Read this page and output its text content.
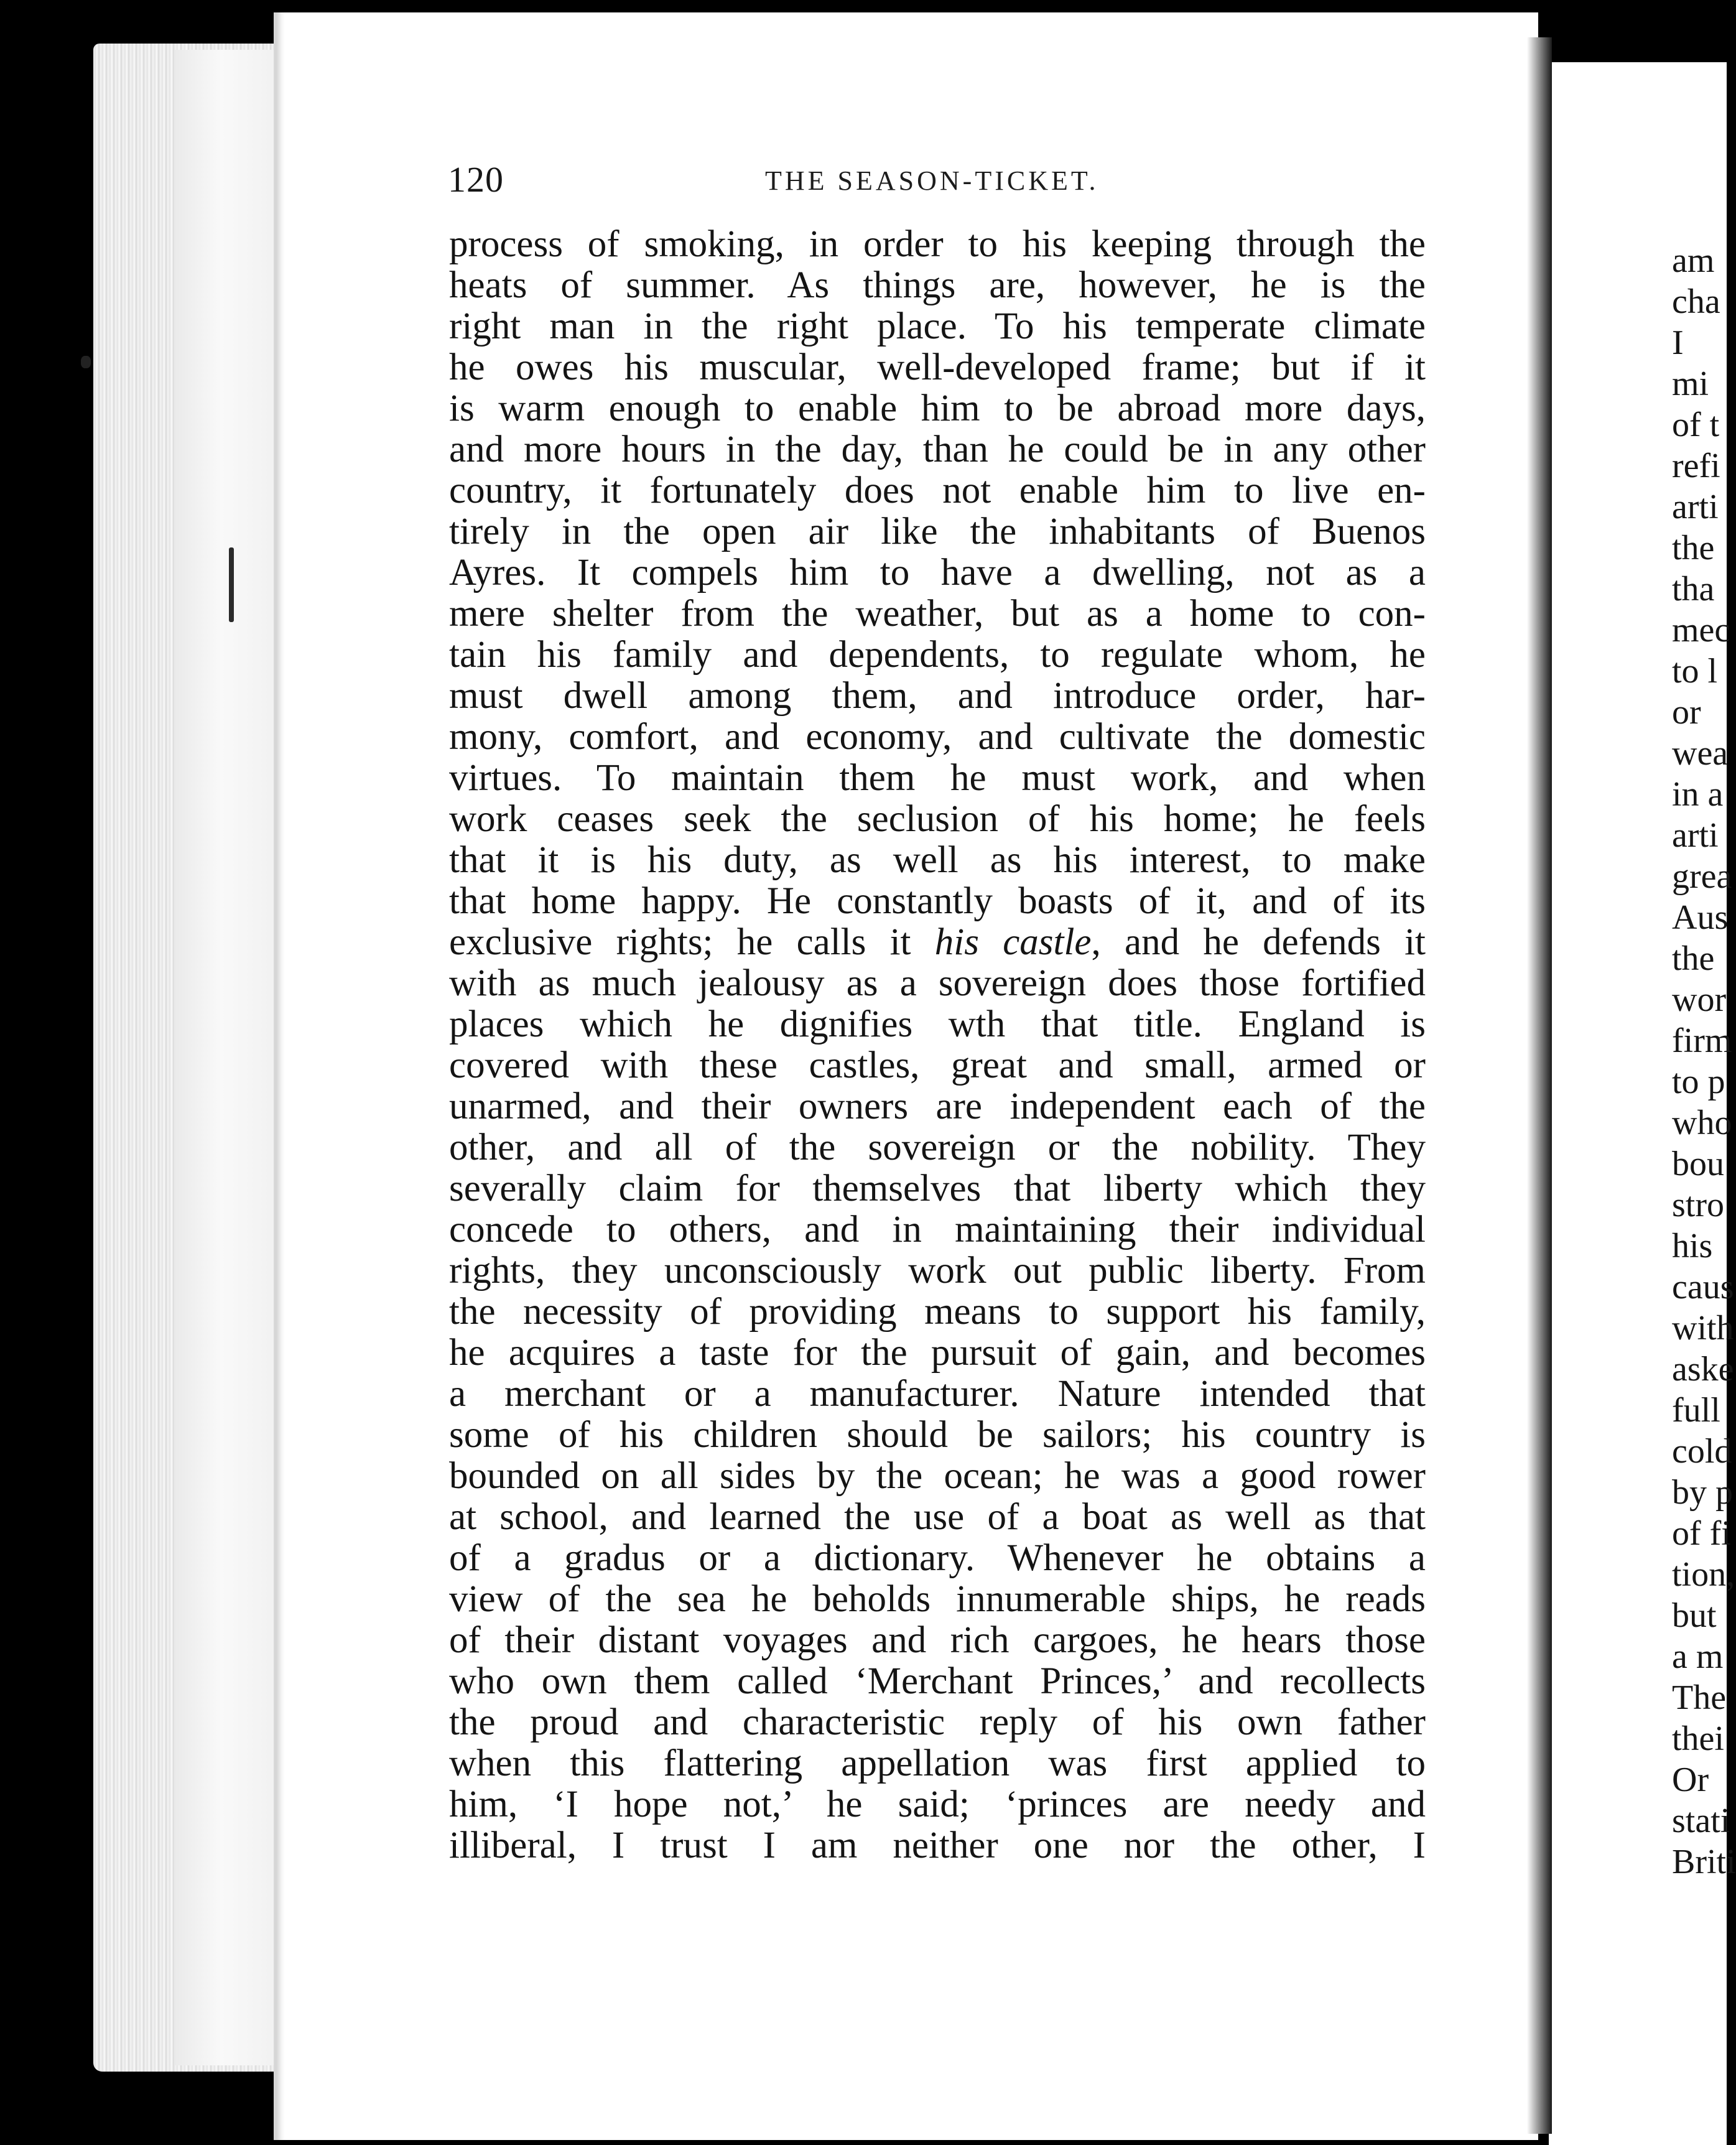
120	THE SEASON-TICKET.
process of smoking, in order to his keeping through the
heats of summer. As things are, however, he is the
right man in the right place. To his temperate climate
he owes his muscular, well-developed frame; but if it
is warm enough to enable him to be abroad more days,
and more hours in the day, than he could be in any other
country, it fortunately does not enable him to live en-
tirely in the open air like the inhabitants of Buenos
Ayres. It compels him to have a dwelling, not as a
mere shelter from the weather, but as a home to con-
tain his family and dependents, to regulate whom, he
must dwell among them, and introduce order, har-
mony, comfort, and economy, and cultivate the domestic
virtues. To maintain them he must work, and when
work ceases seek the seclusion of his home; he feels
that it is his duty, as well as his interest, to make
that home happy. He constantly boasts of it, and of its
exclusive rights; he calls it his castle, and he defends it
with as much jealousy as a sovereign does those fortified
places which he dignifies wth that title. England is
covered with these castles, great and small, armed or
unarmed, and their owners are independent each of the
other, and all of the sovereign or the nobility. They
severally claim for themselves that liberty which they
concede to others, and in maintaining their individual
rights, they unconsciously work out public liberty. From
the necessity of providing means to support his family,
he acquires a taste for the pursuit of gain, and becomes
a merchant or a manufacturer. Nature intended that
some of his children should be sailors; his country is
bounded on all sides by the ocean; he was a good rower
at school, and learned the use of a boat as well as that
of a gradus or a dictionary. Whenever he obtains a
view of the sea he beholds innumerable ships, he reads
of their distant voyages and rich cargoes, he hears those
who own them called ‘Merchant Princes,’ and recollects
the proud and characteristic reply of his own father
when this flattering appellation was first applied to
him, ‘I hope not,’ he said; ‘princes are needy and
illiberal, I trust I am neither one nor the other, I
am
cha
I
mi
of t
refi
arti
the
tha
mec
to l
or
wea
in a
arti
grea
Aus
the
wor
firm
to p
who
bou
stro
his
caus
with
aske
full
cold
by p
of fi
tion,
but
a m
The
thei
Or
stati
Briti
